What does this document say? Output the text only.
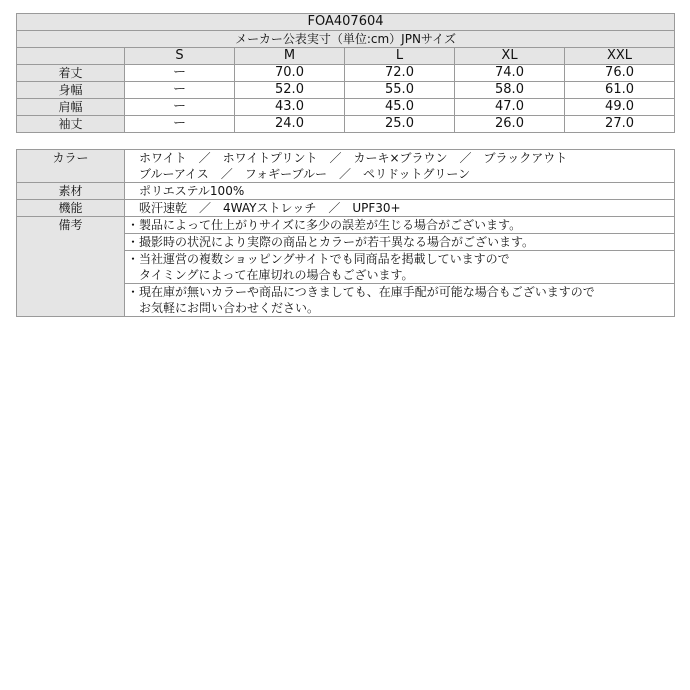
FOA407604					
メーカー公表実寸（単位:cm）JPNサイズ					
	S	M	L	XL	XXL
着丈	ー	70.0	72.0	74.0	76.0
身幅	ー	52.0	55.0	58.0	61.0
肩幅	ー	43.0	45.0	47.0	49.0
袖丈	ー	24.0	25.0	26.0	27.0
カラー	ホワイト　／　ホワイトプリント　／　カーキ×ブラウン　／　ブラックアウト
ブルーアイス　／　フォギーブルー　／　ペリドットグリーン

素材	ポリエステル100%
機能	吸汗速乾　／　4WAYストレッチ　／　UPF30+
備考	・製品によって仕上がりサイズに多少の誤差が生じる場合がございます。
	・撮影時の状況により実際の商品とカラーが若干異なる場合がございます。

	・当社運営の複数ショッピングサイトでも同商品を掲載していますので
　タイミングによって在庫切れの場合もございます。

	・現在庫が無いカラーや商品につきましても、在庫手配が可能な場合もございますので
　お気軽にお問い合わせください。
